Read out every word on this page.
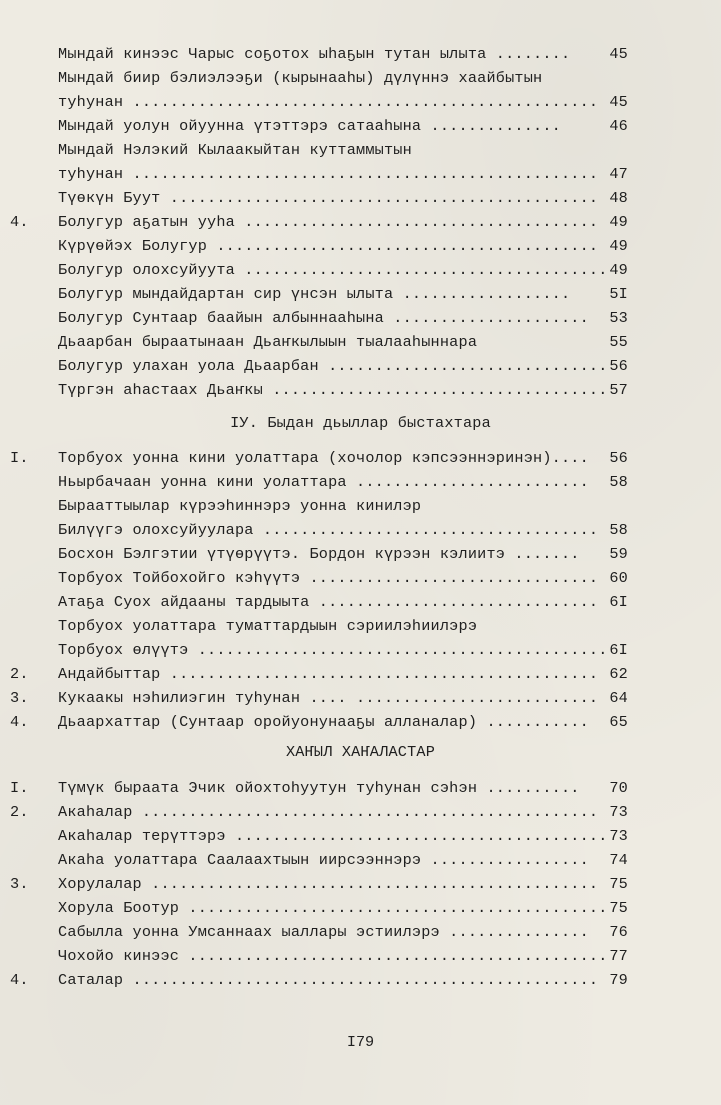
Мындай кинээс Чарыс соҕотох ыһаҕын тутан ылыта ........	45
Мындай биир бэлиэлээҕи (кырынааһы) дүлүннэ хаайбытын
туһунан .................................................. 45
Мындай уолун ойуунна үтэттэрэ сатааһына ..............	46
Мындай Нэлэкий Кылаакыйтан куттаммытын
туһунан .................................................. 47
Түөкүн Буут .............................................. 48
4. Болугур аҕатын ууһа ...................................... 49
Күрүөйэх Болугур ......................................... 49
Болугур олохсуйуута ....................................... 49
Болугур мындайдартан сир үнсэн ылыта ..................	5I
Болугур Сунтаар баайын албыннааһына .....................	53
Дьаарбан быраатынаан Дьаҥкылыын тыалааһыннара	55
Болугур улахан уола Дьаарбан .............................. 56
Түргэн аһастаах Дьаҥкы .................................... 57
IУ. Быдан дьыллар быстахтара
I. Торбуох уонна кини уолаттара (хочолор кэпсээннэринэн)....	56
Ньырбачаан уонна кини уолаттара .........................	58
Бырааттыылар күрээһиннэрэ уонна кинилэр
Билүүгэ олохсуйуулара .................................... 58
Босхон Бэлгэтии үтүөрүүтэ. Бордон күрээн кэлиитэ .......	59
Торбуох Тойбохойго кэһүүтэ ............................... 60
Атаҕа Суох айдааны тардыыта .............................. 6I
Торбуох уолаттара туматтардыын сэриилэһиилэрэ
Торбуох өлүүтэ ............................................ 6I
2. Андайбыттар .............................................. 62
3. Кукаакы нэһилиэгин туһунан .... .......................... 64
4. Дьаархаттар (Сунтаар оройуонунааҕы алланалар) ...........	65
ХАҤЫЛ ХАҤАЛАСТАР
I. Түмүк быраата Эчик ойохтоһуутун туһунан сэһэн ..........	70
2. Акаһалар ................................................. 73
Акаһалар терүттэрэ ........................................ 73
Акаһа уолаттара Саалаахтыын иирсээннэрэ .................	74
3. Хорулалар ................................................ 75
Хорула Боотур ............................................. 75
Сабылла уонна Умсаннаах ыаллары эстиилэрэ ...............	76
Чохойо кинээс ............................................. 77
4. Саталар .................................................. 79
I79
